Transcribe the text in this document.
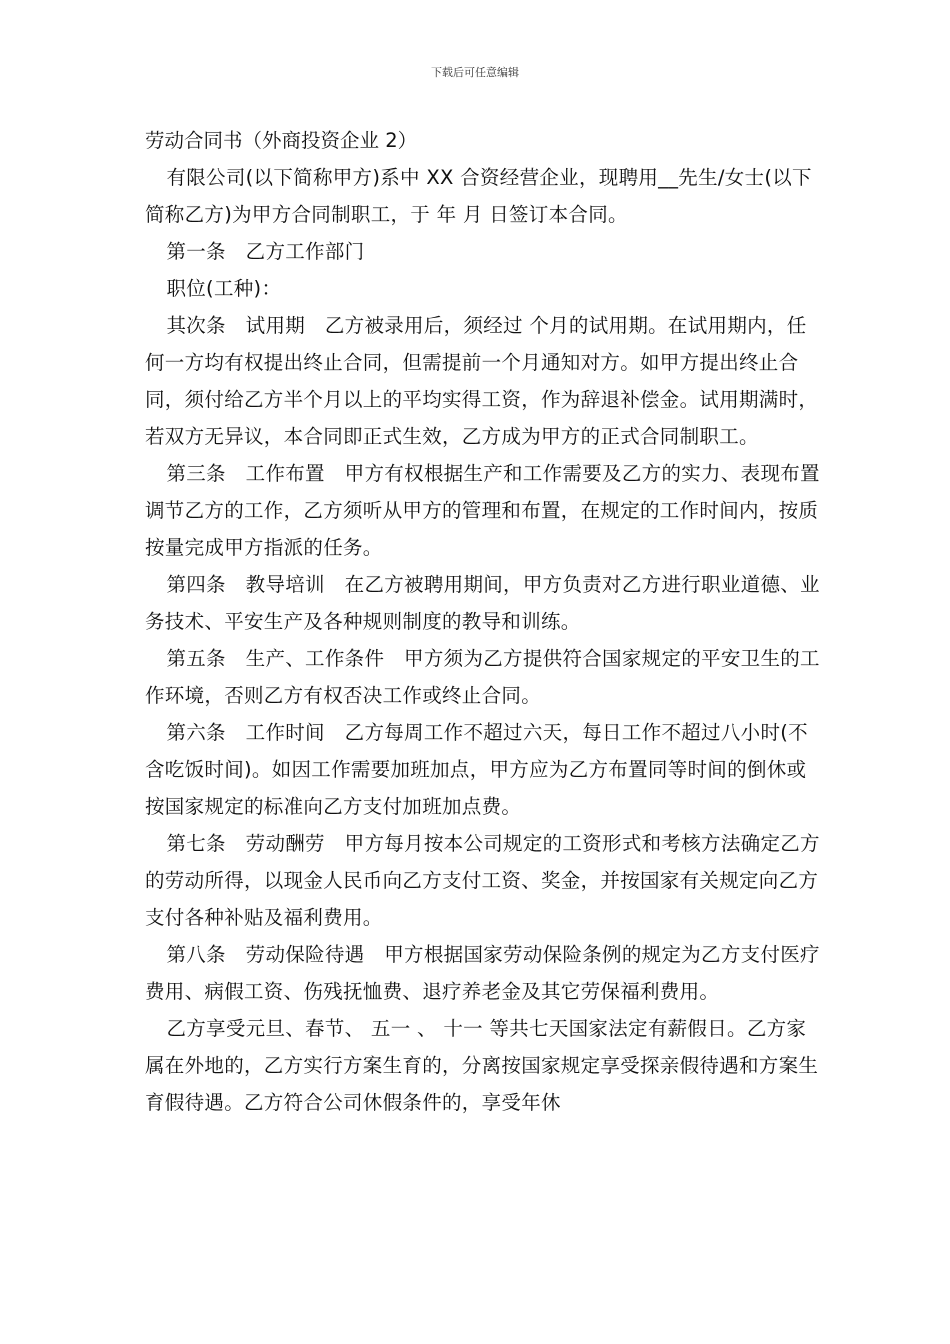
下载后可任意编辑
劳动合同书（外商投资企业 2）

有限公司(以下简称甲方)系中 XX 合资经营企业，现聘用__先生/女士(以下简称乙方)为甲方合同制职工，于 年 月 日签订本合同。

第一条　乙方工作部门

职位(工种)：

其次条　试用期　乙方被录用后，须经过 个月的试用期。在试用期内，任何一方均有权提出终止合同，但需提前一个月通知对方。如甲方提出终止合同，须付给乙方半个月以上的平均实得工资，作为辞退补偿金。试用期满时，若双方无异议，本合同即正式生效，乙方成为甲方的正式合同制职工。

第三条　工作布置　甲方有权根据生产和工作需要及乙方的实力、表现布置调节乙方的工作，乙方须听从甲方的管理和布置，在规定的工作时间内，按质按量完成甲方指派的任务。

第四条　教导培训　在乙方被聘用期间，甲方负责对乙方进行职业道德、业务技术、平安生产及各种规则制度的教导和训练。

第五条　生产、工作条件　甲方须为乙方提供符合国家规定的平安卫生的工作环境，否则乙方有权否决工作或终止合同。

第六条　工作时间　乙方每周工作不超过六天，每日工作不超过八小时(不含吃饭时间)。如因工作需要加班加点，甲方应为乙方布置同等时间的倒休或按国家规定的标准向乙方支付加班加点费。

第七条　劳动酬劳　甲方每月按本公司规定的工资形式和考核方法确定乙方的劳动所得，以现金人民币向乙方支付工资、奖金，并按国家有关规定向乙方支付各种补贴及福利费用。

第八条　劳动保险待遇　甲方根据国家劳动保险条例的规定为乙方支付医疗费用、病假工资、伤残抚恤费、退疗养老金及其它劳保福利费用。

乙方享受元旦、春节、 五一 、 十一 等共七天国家法定有薪假日。乙方家属在外地的，乙方实行方案生育的，分离按国家规定享受探亲假待遇和方案生育假待遇。乙方符合公司休假条件的，享受年休
